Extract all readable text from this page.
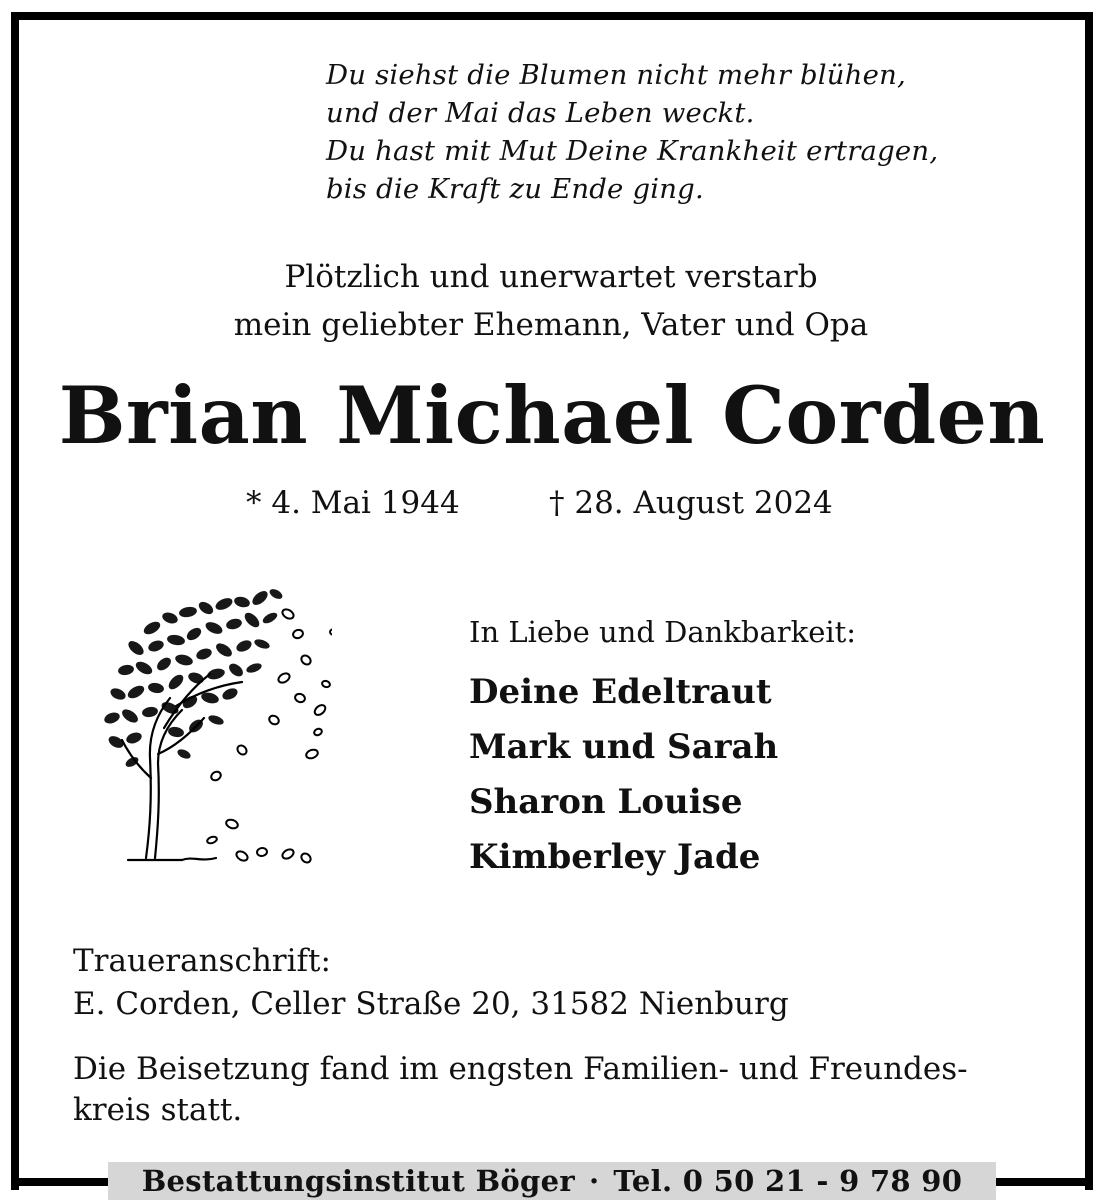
Du siehst die Blumen nicht mehr blühen,
und der Mai das Leben weckt.
Du hast mit Mut Deine Krankheit ertragen,
bis die Kraft zu Ende ging.
Plötzlich und unerwartet verstarb
mein geliebter Ehemann, Vater und Opa
Brian Michael Corden
* 4. Mai 1944	† 28. August 2024
In Liebe und Dankbarkeit:
Deine Edeltraut
Mark und Sarah
Sharon Louise
Kimberley Jade
Traueranschrift:
E. Corden, Celler Straße 20, 31582 Nienburg
Die Beisetzung fand im engsten Familien- und Freundes-
kreis statt.
Bestattungsinstitut Böger · Tel. 0 50 21 - 9 78 90
